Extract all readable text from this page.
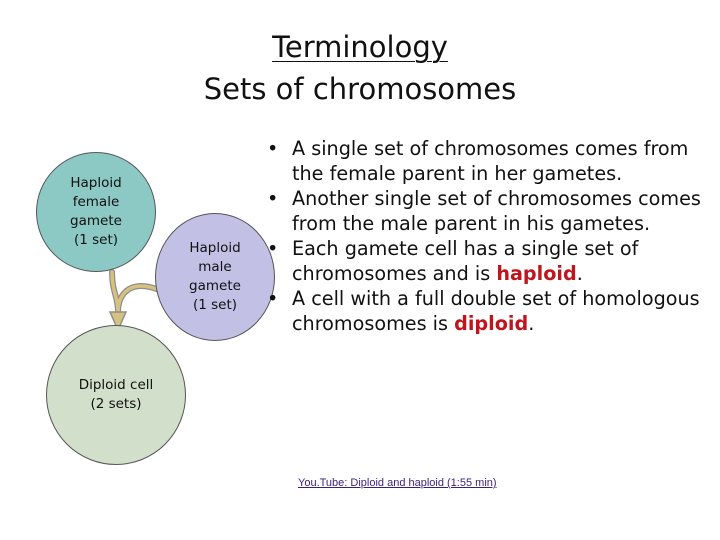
Terminology
Sets of chromosomes
Haploid
female
gamete
(1 set)	Haploid
male
gamete
(1 set)
Diploid cell
(2 sets)
• A single set of chromosomes comes from the female parent in her gametes.
• Another single set of chromosomes comes from the male parent in his gametes.
• Each gamete cell has a single set of chromosomes and is haploid.
• A cell with a full double set of homologous chromosomes is diploid.
You.Tube: Diploid and haploid (1:55 min)
